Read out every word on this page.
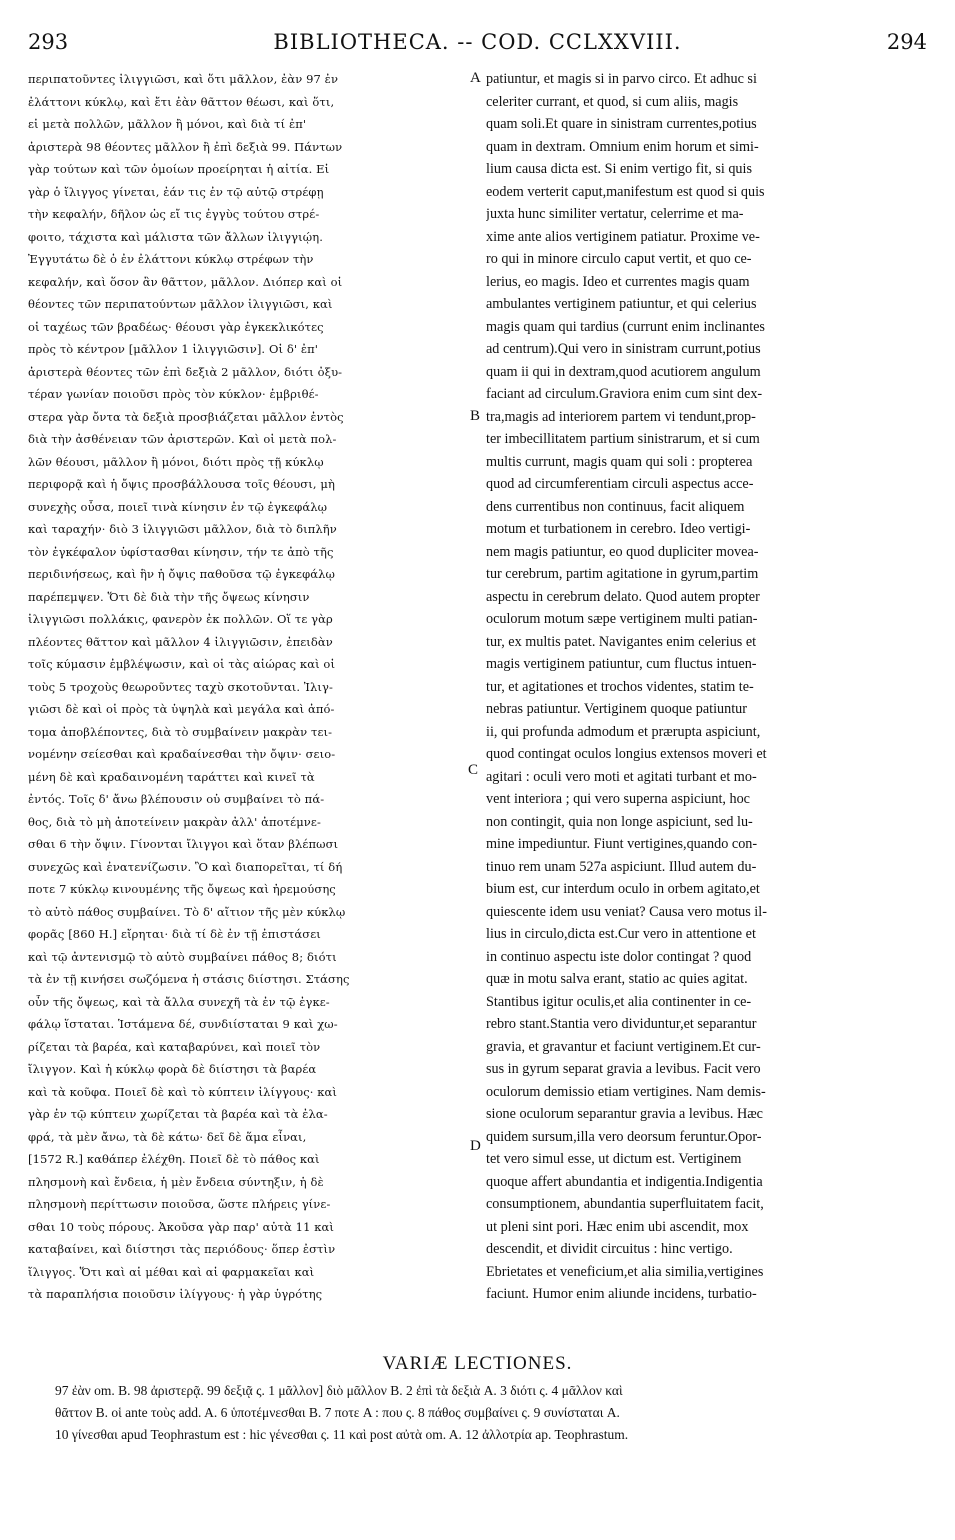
293	BIBLIOTHECA. -- COD. CCLXXVIII.	294
περιπατοῦντες ἰλιγγιῶσι, καὶ ὅτι μᾶλλον, ἐὰν 97 ἐν
ἐλάττονι κύκλῳ, καὶ ἔτι ἐὰν θᾶττον θέωσι, καὶ ὅτι,
εἰ μετὰ πολλῶν, μᾶλλον ἢ μόνοι, καὶ διὰ τί ἐπ'
ἀριστερὰ 98 θέοντες μᾶλλον ἢ ἐπὶ δεξιὰ 99. Πάντων
γὰρ τούτων καὶ τῶν ὁμοίων προείρηται ἡ αἰτία. Εἰ
γὰρ ὁ ἴλιγγος γίνεται, ἐάν τις ἐν τῷ αὐτῷ στρέφῃ
τὴν κεφαλήν, δῆλον ὡς εἴ τις ἐγγὺς τούτου στρέ-
φοιτο, τάχιστα καὶ μάλιστα τῶν ἄλλων ἰλιγγιῴη.
Ἐγγυτάτω δὲ ὁ ἐν ἐλάττονι κύκλῳ στρέφων τὴν
κεφαλήν, καὶ ὅσον ἂν θᾶττον, μᾶλλον. Διόπερ καὶ οἱ
θέοντες τῶν περιπατούντων μᾶλλον ἰλιγγιῶσι, καὶ
οἱ ταχέως τῶν βραδέως· θέουσι γὰρ ἐγκεκλικότες
πρὸς τὸ κέντρον [μᾶλλον 1 ἰλιγγιῶσιν]. Οἱ δ' ἐπ'
ἀριστερὰ θέοντες τῶν ἐπὶ δεξιὰ 2 μᾶλλον, διότι ὀξυ-
τέραν γωνίαν ποιοῦσι πρὸς τὸν κύκλον· ἐμβριθέ-
στερα γὰρ ὄντα τὰ δεξιὰ προσβιάζεται μᾶλλον ἐντὸς
διὰ τὴν ἀσθένειαν τῶν ἀριστερῶν. Καὶ οἱ μετὰ πολ-
λῶν θέουσι, μᾶλλον ἢ μόνοι, διότι πρὸς τῇ κύκλῳ
περιφορᾷ καὶ ἡ ὄψις προσβάλλουσα τοῖς θέουσι, μὴ
συνεχὴς οὖσα, ποιεῖ τινὰ κίνησιν ἐν τῷ ἐγκεφάλῳ
καὶ ταραχήν· διὸ 3 ἰλιγγιῶσι μᾶλλον, διὰ τὸ διπλῆν
τὸν ἐγκέφαλον ὑφίστασθαι κίνησιν, τήν τε ἀπὸ τῆς
περιδινήσεως, καὶ ἣν ἡ ὄψις παθοῦσα τῷ ἐγκεφάλῳ
παρέπεμψεν. Ὅτι δὲ διὰ τὴν τῆς ὄψεως κίνησιν
ἰλιγγιῶσι πολλάκις, φανερὸν ἐκ πολλῶν. Οἵ τε γὰρ
πλέοντες θᾶττον καὶ μᾶλλον 4 ἰλιγγιῶσιν, ἐπειδὰν
τοῖς κύμασιν ἐμβλέψωσιν, καὶ οἱ τὰς αἰώρας καὶ οἱ
τοὺς 5 τροχοὺς θεωροῦντες ταχὺ σκοτοῦνται. Ἰλιγ-
γιῶσι δὲ καὶ οἱ πρὸς τὰ ὑψηλὰ καὶ μεγάλα καὶ ἀπό-
τομα ἀποβλέποντες, διὰ τὸ συμβαίνειν μακρὰν τει-
νομένην σείεσθαι καὶ κραδαίνεσθαι τὴν ὄψιν· σειο-
μένη δὲ καὶ κραδαινομένη ταράττει καὶ κινεῖ τὰ
ἐντός. Τοῖς δ' ἄνω βλέπουσιν οὐ συμβαίνει τὸ πά-
θος, διὰ τὸ μὴ ἀποτείνειν μακρὰν ἀλλ' ἀποτέμνε-
σθαι 6 τὴν ὄψιν. Γίνονται ἴλιγγοι καὶ ὅταν βλέπωσι
συνεχῶς καὶ ἐνατενίζωσιν. Ὃ καὶ διαπορεῖται, τί δή
ποτε 7 κύκλῳ κινουμένης τῆς ὄψεως καὶ ἠρεμούσης
τὸ αὐτὸ πάθος συμβαίνει. Τὸ δ' αἴτιον τῆς μὲν κύκλῳ
φορᾶς [860 H.] εἴρηται· διὰ τί δὲ ἐν τῇ ἐπιστάσει
καὶ τῷ ἀντενισμῷ τὸ αὐτὸ συμβαίνει πάθος 8; διότι
τὰ ἐν τῇ κινήσει σωζόμενα ἡ στάσις διίστησι. Στάσης
οὖν τῆς ὄψεως, καὶ τὰ ἄλλα συνεχῆ τὰ ἐν τῷ ἐγκε-
φάλῳ ἵσταται. Ἱστάμενα δέ, συνδιίσταται 9 καὶ χω-
ρίζεται τὰ βαρέα, καὶ καταβαρύνει, καὶ ποιεῖ τὸν
ἴλιγγον. Καὶ ἡ κύκλῳ φορὰ δὲ διίστησι τὰ βαρέα
καὶ τὰ κοῦφα. Ποιεῖ δὲ καὶ τὸ κύπτειν ἰλίγγους· καὶ
γὰρ ἐν τῷ κύπτειν χωρίζεται τὰ βαρέα καὶ τὰ ἐλα-
φρά, τὰ μὲν ἄνω, τὰ δὲ κάτω· δεῖ δὲ ἅμα εἶναι,
[1572 R.] καθάπερ ἐλέχθη. Ποιεῖ δὲ τὸ πάθος καὶ
πλησμονὴ καὶ ἔνδεια, ἡ μὲν ἔνδεια σύντηξιν, ἡ δὲ
πλησμονὴ περίττωσιν ποιοῦσα, ὥστε πλήρεις γίνε-
σθαι 10 τοὺς πόρους. Ἀκοῦσα γὰρ παρ' αὐτὰ 11 καὶ
καταβαίνει, καὶ διίστησι τὰς περιόδους· ὅπερ ἐστὶν
ἴλιγγος. Ὅτι καὶ αἱ μέθαι καὶ αἱ φαρμακεῖαι καὶ
τὰ παραπλήσια ποιοῦσιν ἰλίγγους· ἡ γὰρ ὑγρότης
patiuntur, et magis si in parvo circo. Et adhuc si
celeriter currant, et quod, si cum aliis, magis
quam soli.Et quare in sinistram currentes,potius
quam in dextram. Omnium enim horum et simi-
lium causa dicta est. Si enim vertigo fit, si quis
eodem verterit caput,manifestum est quod si quis
juxta hunc similiter vertatur, celerrime et ma-
xime ante alios vertiginem patiatur. Proxime ve-
ro qui in minore circulo caput vertit, et quo ce-
lerius, eo magis. Ideo et currentes magis quam
ambulantes vertiginem patiuntur, et qui celerius
magis quam qui tardius (currunt enim inclinantes
ad centrum).Qui vero in sinistram currunt,potius
quam ii qui in dextram,quod acutiorem angulum
faciant ad circulum.Graviora enim cum sint dex-
tra,magis ad interiorem partem vi tendunt,prop-
ter imbecillitatem partium sinistrarum, et si cum
multis currunt, magis quam qui soli : propterea
quod ad circumferentiam circuli aspectus acce-
dens currentibus non continuus, facit aliquem
motum et turbationem in cerebro. Ideo vertigi-
nem magis patiuntur, eo quod dupliciter movea-
tur cerebrum, partim agitatione in gyrum,partim
aspectu in cerebrum delato. Quod autem propter
oculorum motum sæpe vertiginem multi patian-
tur, ex multis patet. Navigantes enim celerius et
magis vertiginem patiuntur, cum fluctus intuen-
tur, et agitationes et trochos videntes, statim te-
nebras patiuntur. Vertiginem quoque patiuntur
ii, qui profunda admodum et prærupta aspiciunt,
quod contingat oculos longius extensos moveri et
agitari : oculi vero moti et agitati turbant et mo-
vent interiora ; qui vero superna aspiciunt, hoc
non contingit, quia non longe aspiciunt, sed lu-
mine impediuntur. Fiunt vertigines,quando con-
tinuo rem unam 527a aspiciunt. Illud autem du-
bium est, cur interdum oculo in orbem agitato,et
quiescente idem usu veniat? Causa vero motus il-
lius in circulo,dicta est.Cur vero in attentione et
in continuo aspectu iste dolor contingat ? quod
quæ in motu salva erant, statio ac quies agitat.
Stantibus igitur oculis,et alia continenter in ce-
rebro stant.Stantia vero dividuntur,et separantur
gravia, et gravantur et faciunt vertiginem.Et cur-
sus in gyrum separat gravia a levibus. Facit vero
oculorum demissio etiam vertigines. Nam demis-
sione oculorum separantur gravia a levibus. Hæc
quidem sursum,illa vero deorsum feruntur.Opor-
tet vero simul esse, ut dictum est. Vertiginem
quoque affert abundantia et indigentia.Indigentia
consumptionem, abundantia superfluitatem facit,
ut pleni sint pori. Hæc enim ubi ascendit, mox
descendit, et dividit circuitus : hinc vertigo.
Ebrietates et veneficium,et alia similia,vertigines
faciunt. Humor enim aliunde incidens, turbatio-
A
B
C
D
VARIÆ LECTIONES.
97 ἐὰν om. B. 98 ἀριστερᾷ. 99 δεξιᾷ ς. 1 μᾶλλον] διὸ μᾶλλον B. 2 ἐπὶ τὰ δεξιὰ A. 3 διότι ς. 4 μᾶλλον καὶ
θᾶττον B. οἱ ante τοὺς add. A. 6 ὑποτέμνεσθαι B. 7 ποτε A : που ς. 8 πάθος συμβαίνει ς. 9 συνίσταται A.
10 γίνεσθαι apud Teophrastum est : hic γένεσθαι ς. 11 καὶ post αὐτὰ om. A. 12 ἀλλοτρία ap. Teophrastum.
